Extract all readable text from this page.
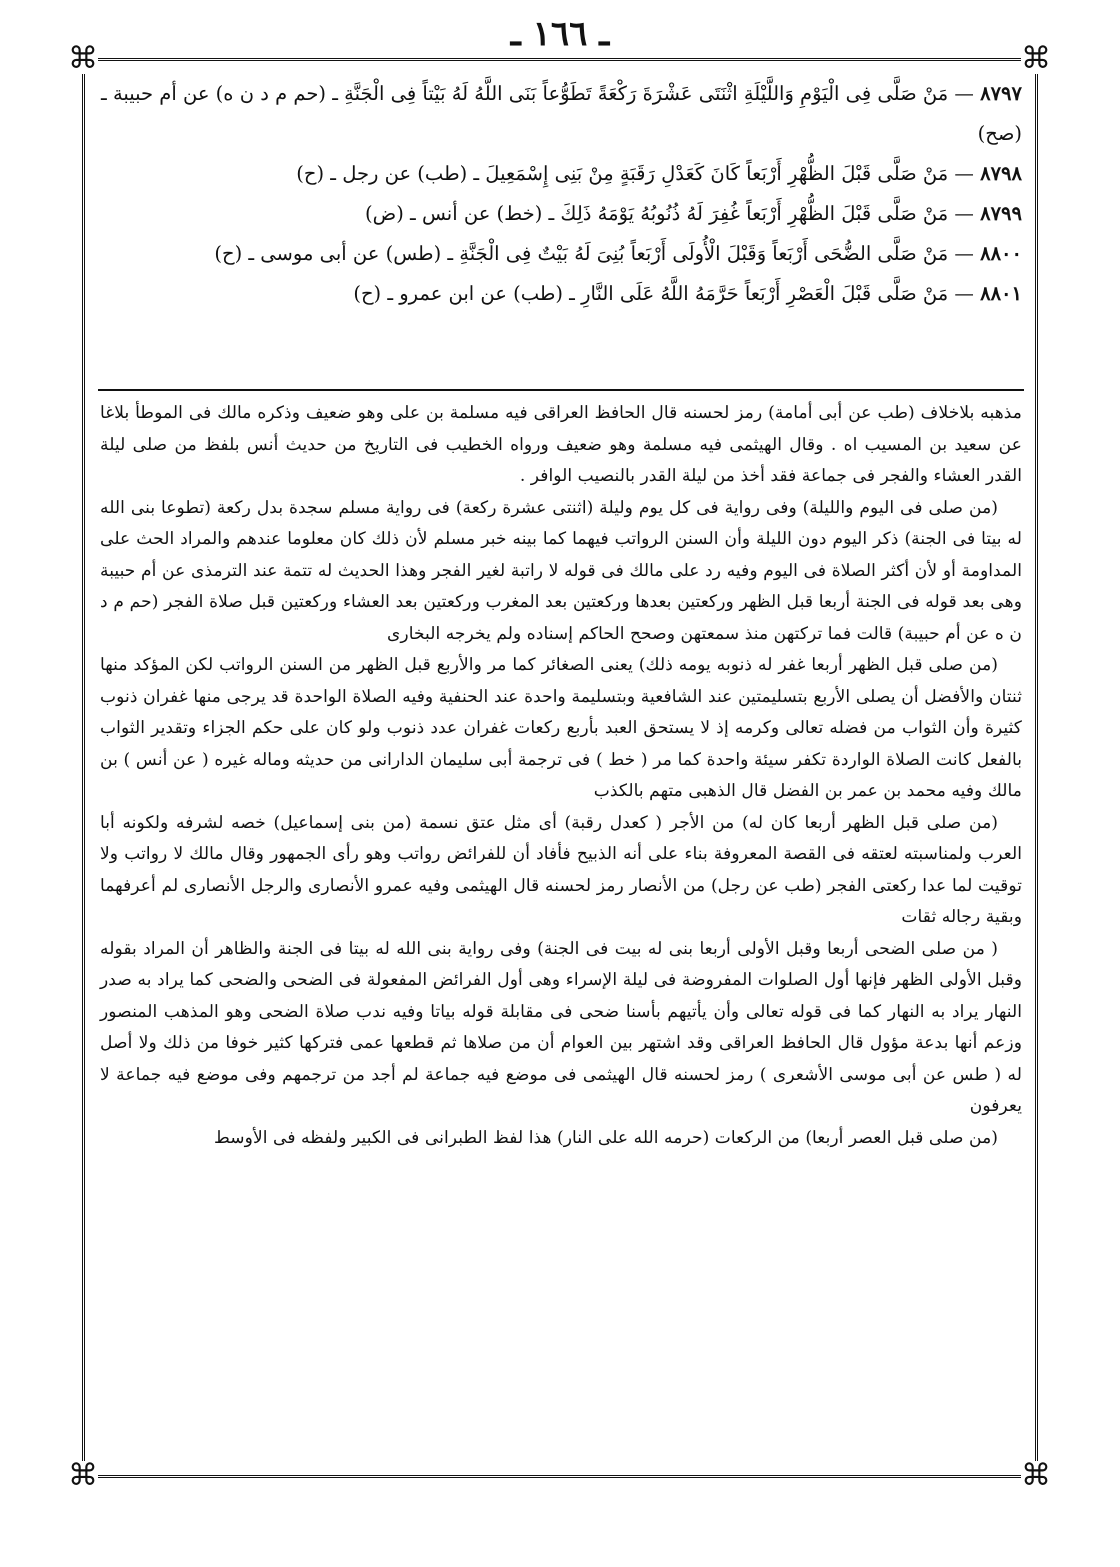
ـ ١٦٦ ـ
⌘	⌘
⌘	⌘

٨٧٩٧ — مَنْ صَلَّى فِى الْيَوْمِ وَاللَّيْلَةِ اثْنَتَى عَشْرَةَ رَكْعَةً تَطَوُّعاً بَنَى اللَّهُ لَهُ بَيْتاً فِى الْجَنَّةِ ـ (حم م د ن ه) عن أم حبيبة ـ (صح)

٨٧٩٨ — مَنْ صَلَّى قَبْلَ الظُّهْرِ أَرْبَعاً كَانَ كَعَدْلِ رَقَبَةٍ مِنْ بَنِى إِسْمَعِيلَ ـ (طب) عن رجل ـ (ح)

٨٧٩٩ — مَنْ صَلَّى قَبْلَ الظُّهْرِ أَرْبَعاً غُفِرَ لَهُ ذُنُوبُهُ يَوْمَهُ ذَلِكَ ـ (خط) عن أنس ـ (ض)

٨٨٠٠ — مَنْ صَلَّى الضُّحَى أَرْبَعاً وَقَبْلَ الْأُولَى أَرْبَعاً بُنِىَ لَهُ بَيْتٌ فِى الْجَنَّةِ ـ (طس) عن أبى موسى ـ (ح)

٨٨٠١ — مَنْ صَلَّى قَبْلَ الْعَصْرِ أَرْبَعاً حَرَّمَهُ اللَّهُ عَلَى النَّارِ ـ (طب) عن ابن عمرو ـ (ح)

مذهبه بلاخلاف (طب عن أبى أمامة) رمز لحسنه قال الحافظ العراقى فيه مسلمة بن على وهو ضعيف وذكره مالك فى الموطأ بلاغا عن سعيد بن المسيب اه . وقال الهيثمى فيه مسلمة وهو ضعيف ورواه الخطيب فى التاريخ من حديث أنس بلفظ من صلى ليلة القدر العشاء والفجر فى جماعة فقد أخذ من ليلة القدر بالنصيب الوافر .

(من صلى فى اليوم والليلة) وفى رواية فى كل يوم وليلة (اثنتى عشرة ركعة) فى رواية مسلم سجدة بدل ركعة (تطوعا بنى الله له بيتا فى الجنة) ذكر اليوم دون الليلة وأن السنن الرواتب فيهما كما بينه خبر مسلم لأن ذلك كان معلوما عندهم والمراد الحث على المداومة أو لأن أكثر الصلاة فى اليوم وفيه رد على مالك فى قوله لا راتبة لغير الفجر وهذا الحديث له تتمة عند الترمذى عن أم حبيبة وهى بعد قوله فى الجنة أربعا قبل الظهر وركعتين بعدها وركعتين بعد المغرب وركعتين بعد العشاء وركعتين قبل صلاة الفجر (حم م د ن ه عن أم حبيبة) قالت فما تركتهن منذ سمعتهن وصحح الحاكم إسناده ولم يخرجه البخارى

(من صلى قبل الظهر أربعا غفر له ذنوبه يومه ذلك) يعنى الصغائر كما مر والأربع قبل الظهر من السنن الرواتب لكن المؤكد منها ثنتان والأفضل أن يصلى الأربع بتسليمتين عند الشافعية وبتسليمة واحدة عند الحنفية وفيه الصلاة الواحدة قد يرجى منها غفران ذنوب كثيرة وأن الثواب من فضله تعالى وكرمه إذ لا يستحق العبد بأربع ركعات غفران عدد ذنوب ولو كان على حكم الجزاء وتقدير الثواب بالفعل كانت الصلاة الواردة تكفر سيئة واحدة كما مر ( خط ) فى ترجمة أبى سليمان الدارانى من حديثه وماله غيره ( عن أنس ) بن مالك وفيه محمد بن عمر بن الفضل قال الذهبى متهم بالكذب

(من صلى قبل الظهر أربعا كان له) من الأجر ( كعدل رقبة) أى مثل عتق نسمة (من بنى إسماعيل) خصه لشرفه ولكونه أبا العرب ولمناسبته لعتقه فى القصة المعروفة بناء على أنه الذبيح فأفاد أن للفرائض رواتب وهو رأى الجمهور وقال مالك لا رواتب ولا توقيت لما عدا ركعتى الفجر (طب عن رجل) من الأنصار رمز لحسنه قال الهيثمى وفيه عمرو الأنصارى والرجل الأنصارى لم أعرفهما وبقية رجاله ثقات

( من صلى الضحى أربعا وقبل الأولى أربعا بنى له بيت فى الجنة) وفى رواية بنى الله له بيتا فى الجنة والظاهر أن المراد بقوله وقبل الأولى الظهر فإنها أول الصلوات المفروضة فى ليلة الإسراء وهى أول الفرائض المفعولة فى الضحى والضحى كما يراد به صدر النهار يراد به النهار كما فى قوله تعالى وأن يأتيهم بأسنا ضحى فى مقابلة قوله بياتا وفيه ندب صلاة الضحى وهو المذهب المنصور وزعم أنها بدعة مؤول قال الحافظ العراقى وقد اشتهر بين العوام أن من صلاها ثم قطعها عمى فتركها كثير خوفا من ذلك ولا أصل له ( طس عن أبى موسى الأشعرى ) رمز لحسنه قال الهيثمى فى موضع فيه جماعة لم أجد من ترجمهم وفى موضع فيه جماعة لا يعرفون

(من صلى قبل العصر أربعا) من الركعات (حرمه الله على النار) هذا لفظ الطبرانى فى الكبير ولفظه فى الأوسط
